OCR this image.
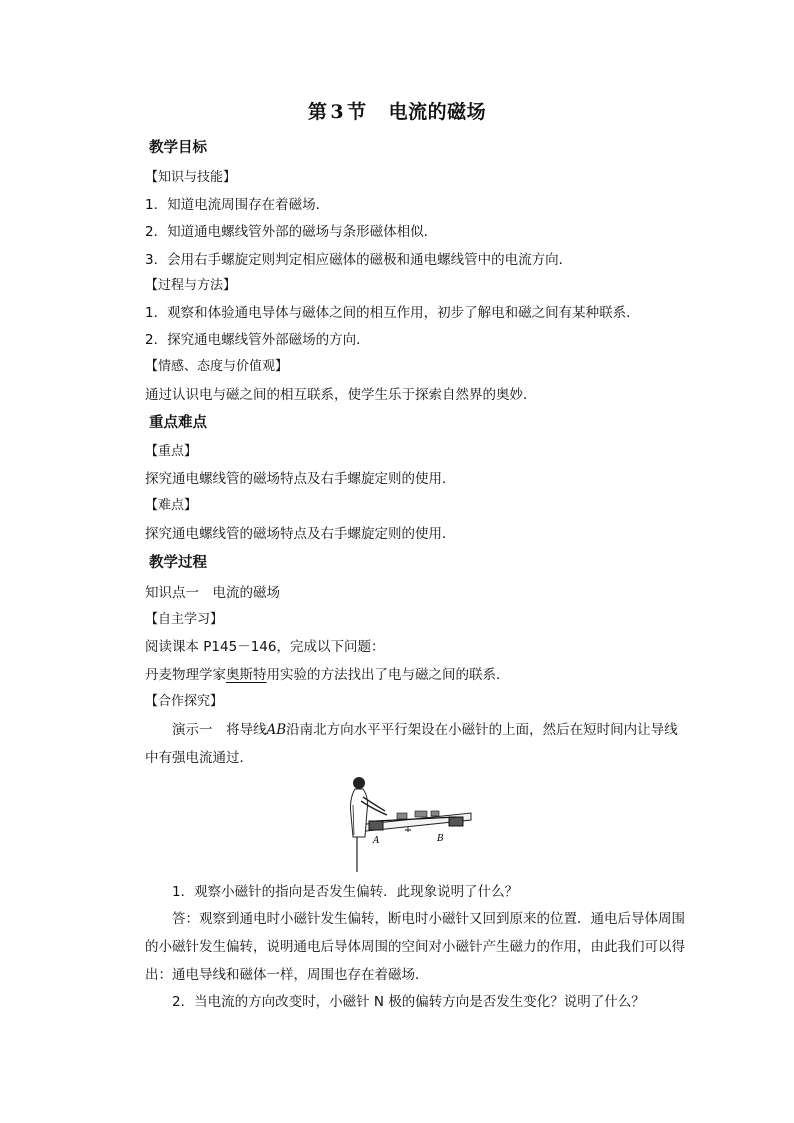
第 3 节 电流的磁场
教学目标
【知识与技能】
1．知道电流周围存在着磁场．
2．知道通电螺线管外部的磁场与条形磁体相似．
3．会用右手螺旋定则判定相应磁体的磁极和通电螺线管中的电流方向．
【过程与方法】
1．观察和体验通电导体与磁体之间的相互作用，初步了解电和磁之间有某种联系．
2．探究通电螺线管外部磁场的方向．
【情感、态度与价值观】
通过认识电与磁之间的相互联系，使学生乐于探索自然界的奥妙．
重点难点
【重点】
探究通电螺线管的磁场特点及右手螺旋定则的使用．
【难点】
探究通电螺线管的磁场特点及右手螺旋定则的使用．
教学过程
知识点一　电流的磁场
【自主学习】
阅读课本 P145－146，完成以下问题：
丹麦物理学家奥斯特用实验的方法找出了电与磁之间的联系．
【合作探究】
演示一　将导线AB沿南北方向水平平行架设在小磁针的上面，然后在短时间内让导线
中有强电流通过．
A	B
1．观察小磁针的指向是否发生偏转．此现象说明了什么？
答：观察到通电时小磁针发生偏转，断电时小磁针又回到原来的位置．通电后导体周围
的小磁针发生偏转，说明通电后导体周围的空间对小磁针产生磁力的作用，由此我们可以得
出：通电导线和磁体一样，周围也存在着磁场．
2．当电流的方向改变时，小磁针 N 极的偏转方向是否发生变化？说明了什么？
